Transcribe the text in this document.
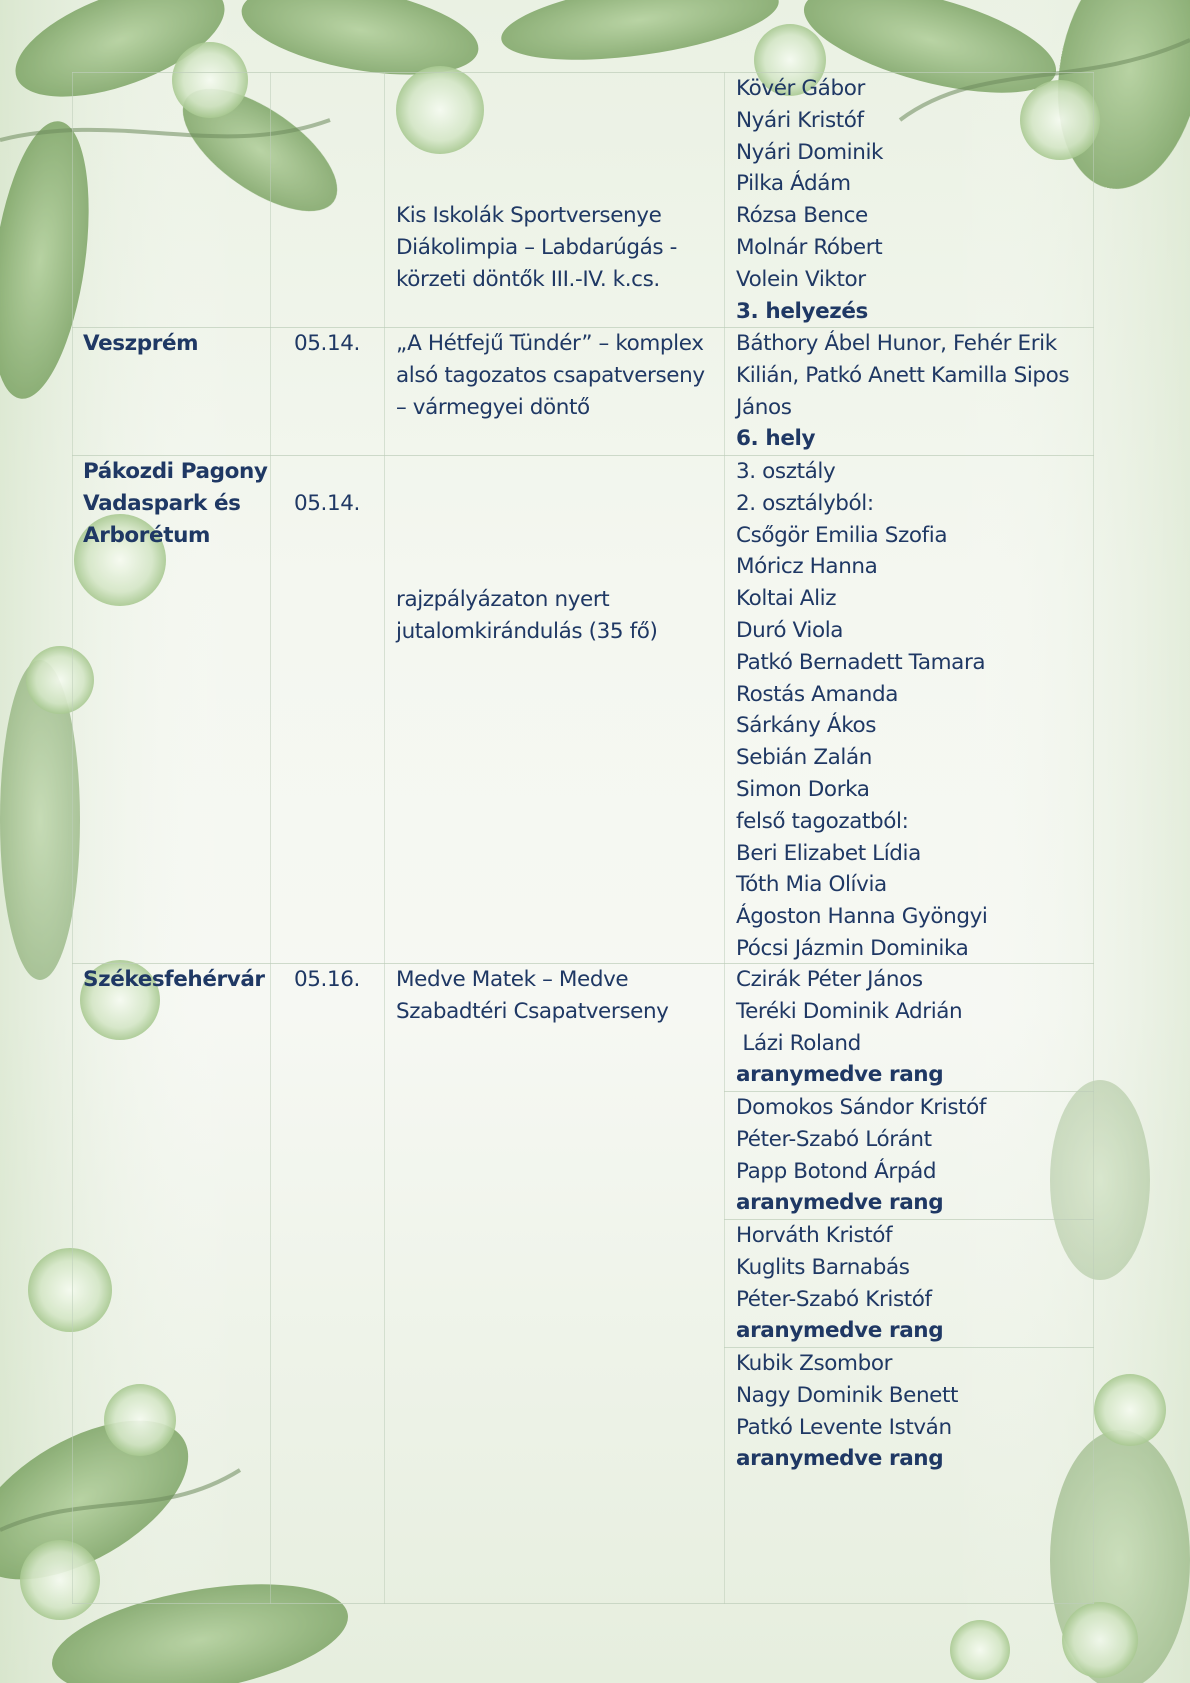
Kis Iskolák Sportversenye
Diákolimpia – Labdarúgás -
körzeti döntők III.-IV. k.cs.
Kövér Gábor
Nyári Kristóf
Nyári Dominik
Pilka Ádám
Rózsa Bence
Molnár Róbert
Volein Viktor
3. helyezés
Veszprém	05.14. „A Hétfejű Tündér” – komplex
alsó tagozatos csapatverseny
– vármegyei döntő
Báthory Ábel Hunor, Fehér Erik
Kilián, Patkó Anett Kamilla Sipos
János
6. hely
Pákozdi Pagony
Vadaspark és
Arborétum
05.14.
rajzpályázaton nyert
jutalomkirándulás (35 fő)
3. osztály
2. osztályból:
Csőgör Emilia Szofia
Móricz Hanna
Koltai Aliz
Duró Viola
Patkó Bernadett Tamara
Rostás Amanda
Sárkány Ákos
Sebián Zalán
Simon Dorka
felső tagozatból:
Beri Elizabet Lídia
Tóth Mia Olívia
Ágoston Hanna Gyöngyi
Pócsi Jázmin Dominika
Székesfehérvár 05.16. Medve Matek – Medve
Szabadtéri Csapatverseny
Czirák Péter János
Teréki Dominik Adrián
Lázi Roland
aranymedve rang
Domokos Sándor Kristóf
Péter-Szabó Lóránt
Papp Botond Árpád
aranymedve rang
Horváth Kristóf
Kuglits Barnabás
Péter-Szabó Kristóf
aranymedve rang
Kubik Zsombor
Nagy Dominik Benett
Patkó Levente István
aranymedve rang
